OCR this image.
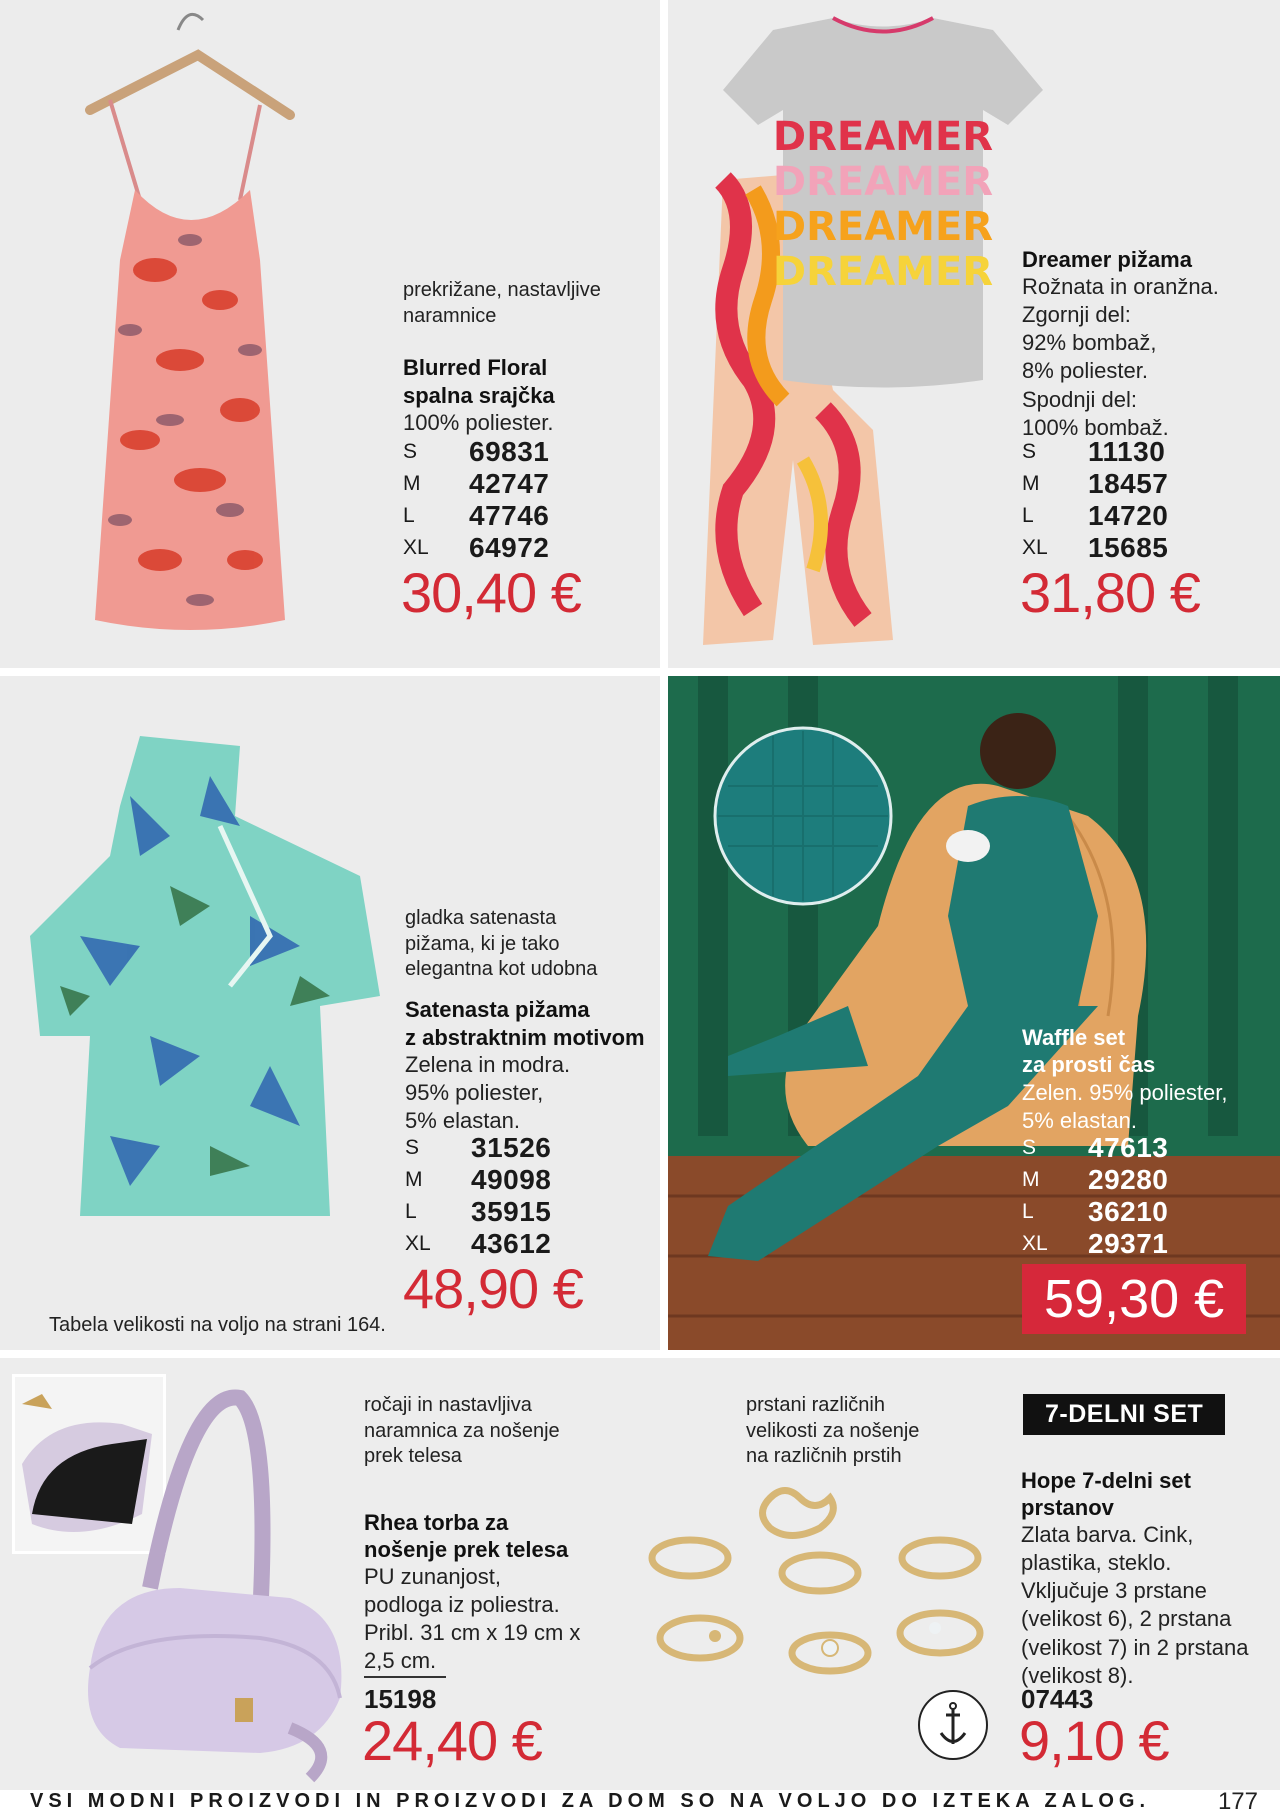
prekrižane, nastavljive naramnice
Blurred Floral
spalna srajčka
100% poliester.
S	69831
M	42747
L	47746
XL	64972
30,40 €
DREAMER
DREAMER
DREAMER
DREAMER Dreamer pižama
Rožnata in oranžna.
Zgornji del:
92% bombaž,
8% poliester.
Spodnji del:
100% bombaž.
S	11130
M	18457
L	14720
XL	15685
31,80 €
gladka satenasta
pižama, ki je tako
elegantna kot udobna
Satenasta pižama
z abstraktnim motivom
Zelena in modra.
95% poliester,
5% elastan.
S	31526
M	49098
L	35915
XL	43612
48,90 €
Tabela velikosti na voljo na strani 164.
Waffle set
za prosti čas
Zelen. 95% poliester,
5% elastan.
S	47613
M	29280
L	36210
XL	29371
59,30 €
ročaji in nastavljiva
naramnica za nošenje
prek telesa
Rhea torba za
nošenje prek telesa
PU zunanjost,
podloga iz poliestra.
Pribl. 31 cm x 19 cm x
2,5 cm.
15198
24,40 €
prstani različnih
velikosti za nošenje
na različnih prstih
7-DELNI SET
Hope 7-delni set
prstanov
Zlata barva. Cink,
plastika, steklo.
Vključuje 3 prstane
(velikost 6), 2 prstana
(velikost 7) in 2 prstana
(velikost 8).
07443
9,10 €
VSI MODNI PROIZVODI IN PROIZVODI ZA DOM SO NA VOLJO DO IZTEKA ZALOG.	177
